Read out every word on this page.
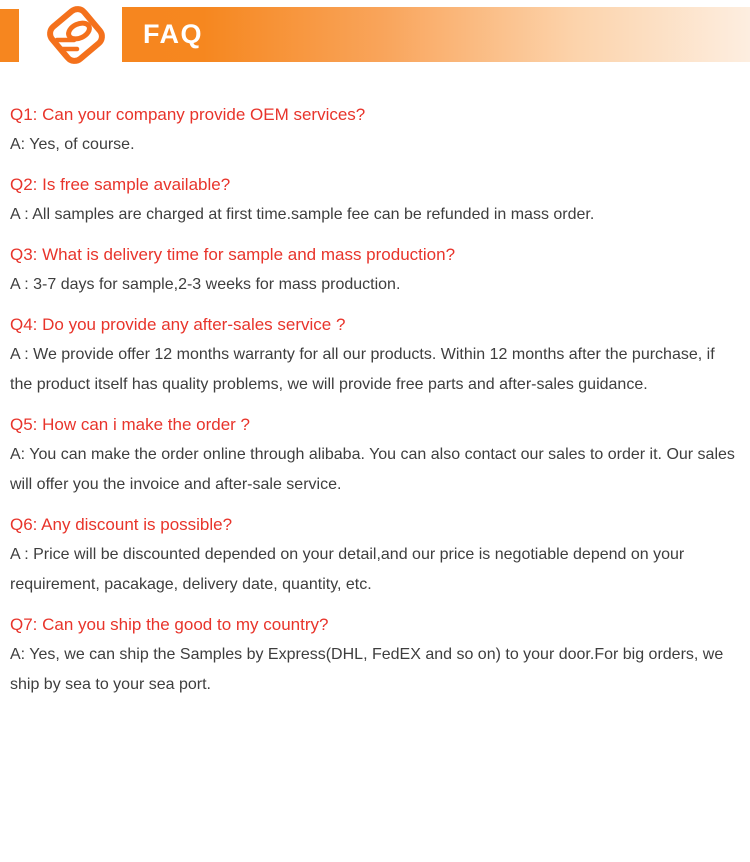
FAQ
Q1: Can your company provide OEM services?

A: Yes, of course.

Q2: Is free sample available?

A : All samples are charged at first time.sample fee can be refunded in mass order.

Q3: What is delivery time for sample and mass production?

A : 3-7 days for sample,2-3 weeks for mass production.

Q4: Do you provide any after-sales service ?

A : We provide offer 12 months warranty for all our products. Within 12 months after the purchase, if the product itself has quality problems, we will provide free parts and after-sales guidance.

Q5: How can i make the order ?

A: You can make the order online through alibaba. You can also contact our sales to order it. Our sales will offer you the invoice and after-sale service.

Q6: Any discount is possible?

A : Price will be discounted depended on your detail,and our price is negotiable depend on your requirement, pacakage, delivery date, quantity, etc.

Q7: Can you ship the good to my country?

A: Yes, we can ship the Samples by Express(DHL, FedEX and so on) to your door.For big orders, we ship by sea to your sea port.
